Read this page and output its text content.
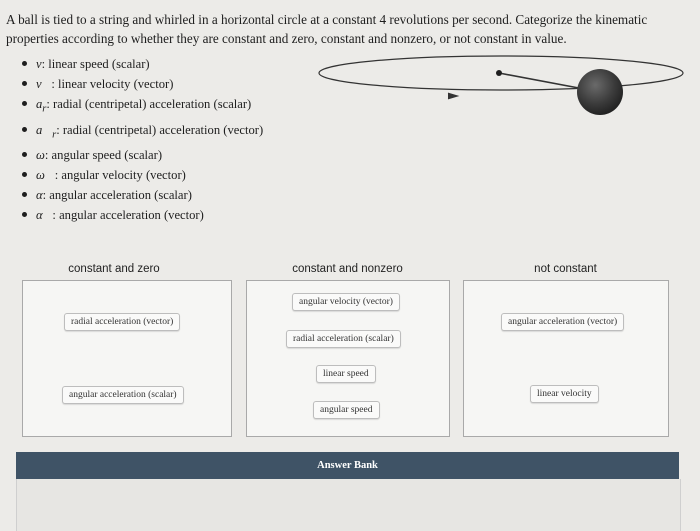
A ball is tied to a string and whirled in a horizontal circle at a constant 4 revolutions per second. Categorize the kinematic properties according to whether they are constant and zero, constant and nonzero, or not constant in value.
v: linear speed (scalar)
v⃗: linear velocity (vector)
$a_r$: radial (centripetal) acceleration (scalar)
$a⃗_r$: radial (centripetal) acceleration (vector)
ω: angular speed (scalar)
ω⃗: angular velocity (vector)
α: angular acceleration (scalar)
α⃗: angular acceleration (vector)
constant and zero	constant and nonzero	not constant
radial acceleration (vector)
angular acceleration (scalar)
angular velocity (vector)
radial acceleration (scalar)
linear speed
angular speed
angular acceleration (vector)
linear velocity
Answer Bank
